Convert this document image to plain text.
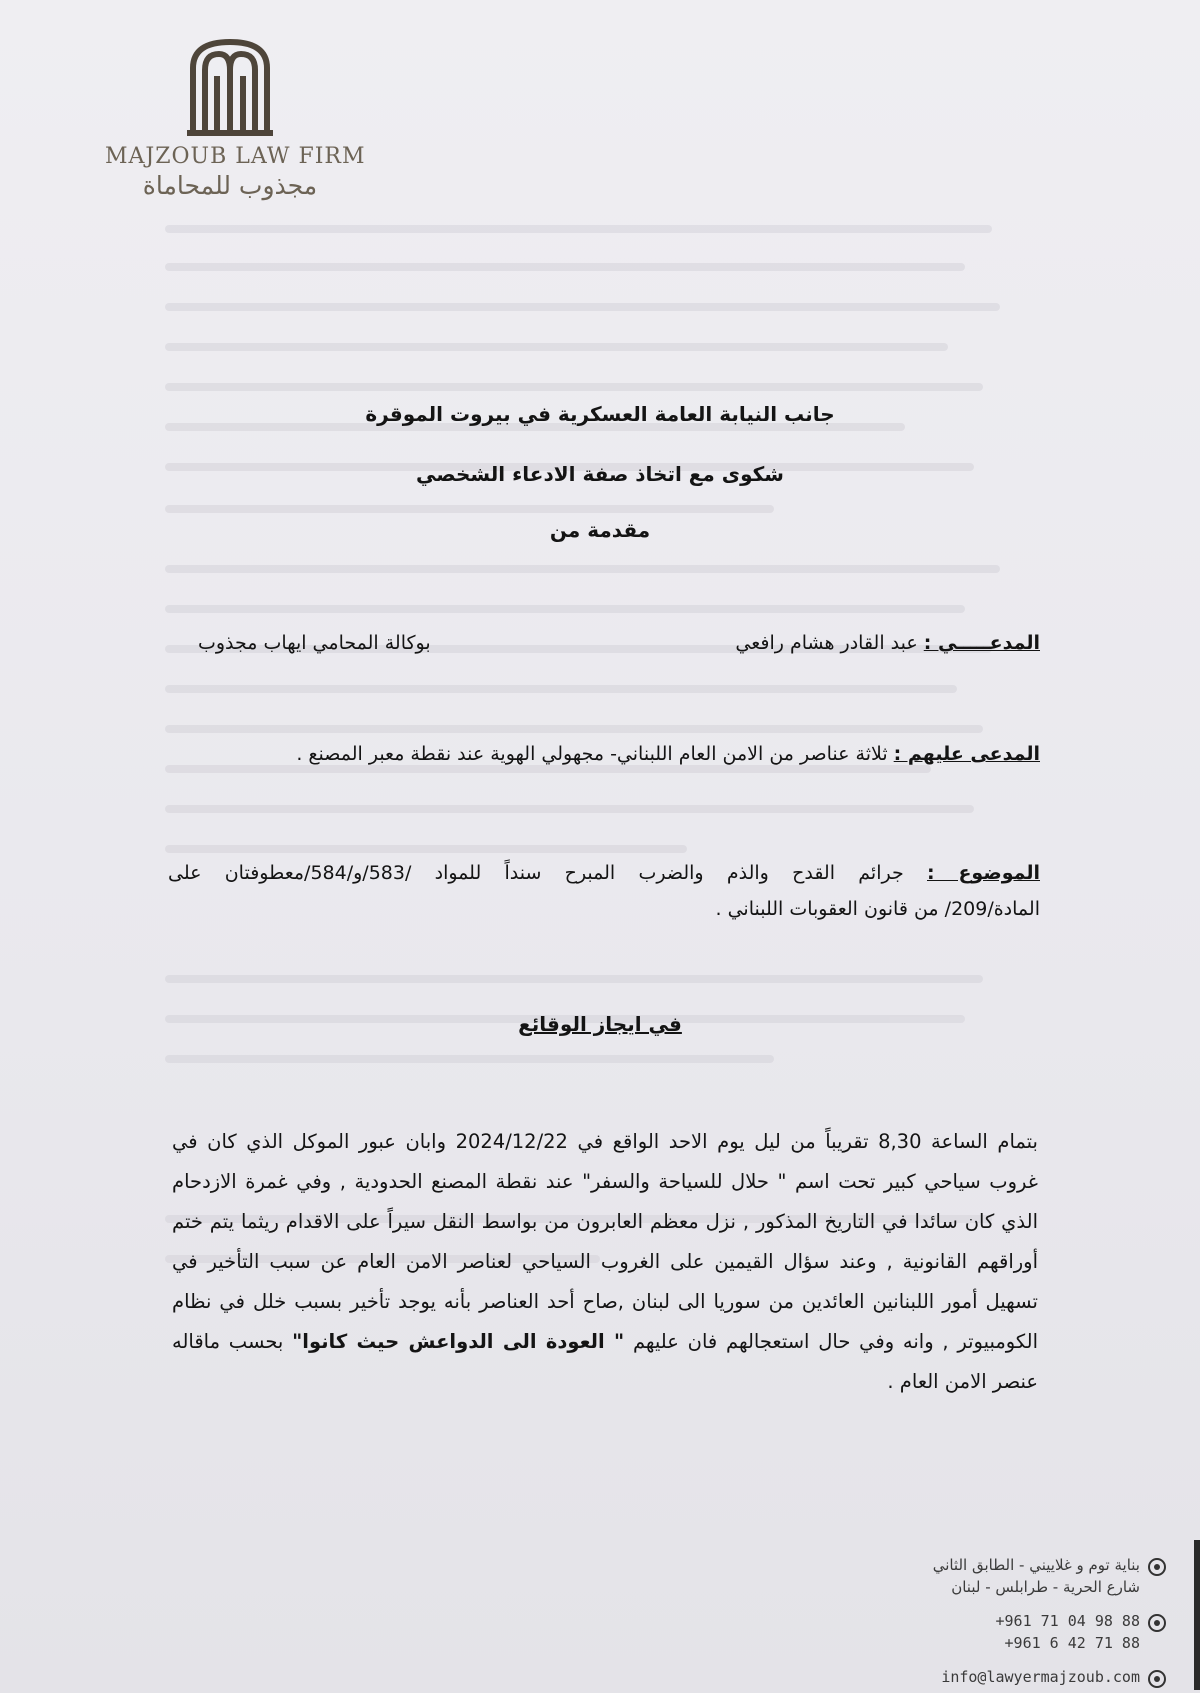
MAJZOUB LAW FIRM
مجذوب للمحاماة
جانب النيابة العامة العسكرية في بيروت الموقرة
شكوى مع اتخاذ صفة الادعاء الشخصي
مقدمة من
المدعـــــي : عبد القادر هشام رافعي
بوكالة المحامي ايهاب مجذوب
المدعى عليهم : ثلاثة عناصر من الامن العام اللبناني- مجهولي الهوية عند نقطة معبر المصنع .
الموضوع : جرائم القدح والذم والضرب المبرح سنداً للمواد /583/و/584/معطوفتان على
المادة/209/ من قانون العقوبات اللبناني .
في ايجاز الوقائع
بتمام الساعة 8,30 تقريباً من ليل يوم الاحد الواقع في 2024/12/22 وابان عبور الموكل الذي كان في غروب سياحي كبير تحت اسم " حلال للسياحة والسفر" عند نقطة المصنع الحدودية , وفي غمرة الازدحام الذي كان سائدا في التاريخ المذكور , نزل معظم العابرون من بواسط النقل سيراً على الاقدام ريثما يتم ختم أوراقهم القانونية , وعند سؤال القيمين على الغروب السياحي لعناصر الامن العام عن سبب التأخير في تسهيل أمور اللبنانين العائدين من سوريا الى لبنان ,صاح أحد العناصر بأنه يوجد تأخير بسبب خلل في نظام الكومبيوتر , وانه وفي حال استعجالهم فان عليهم " العودة الى الدواعش حيث كانوا" بحسب ماقاله عنصر الامن العام .
بناية توم و غلاييني - الطابق الثاني
شارع الحرية - طرابلس - لبنان
+961 71 04 98 88
+961 6 42 71 88
info@lawyermajzoub.com
